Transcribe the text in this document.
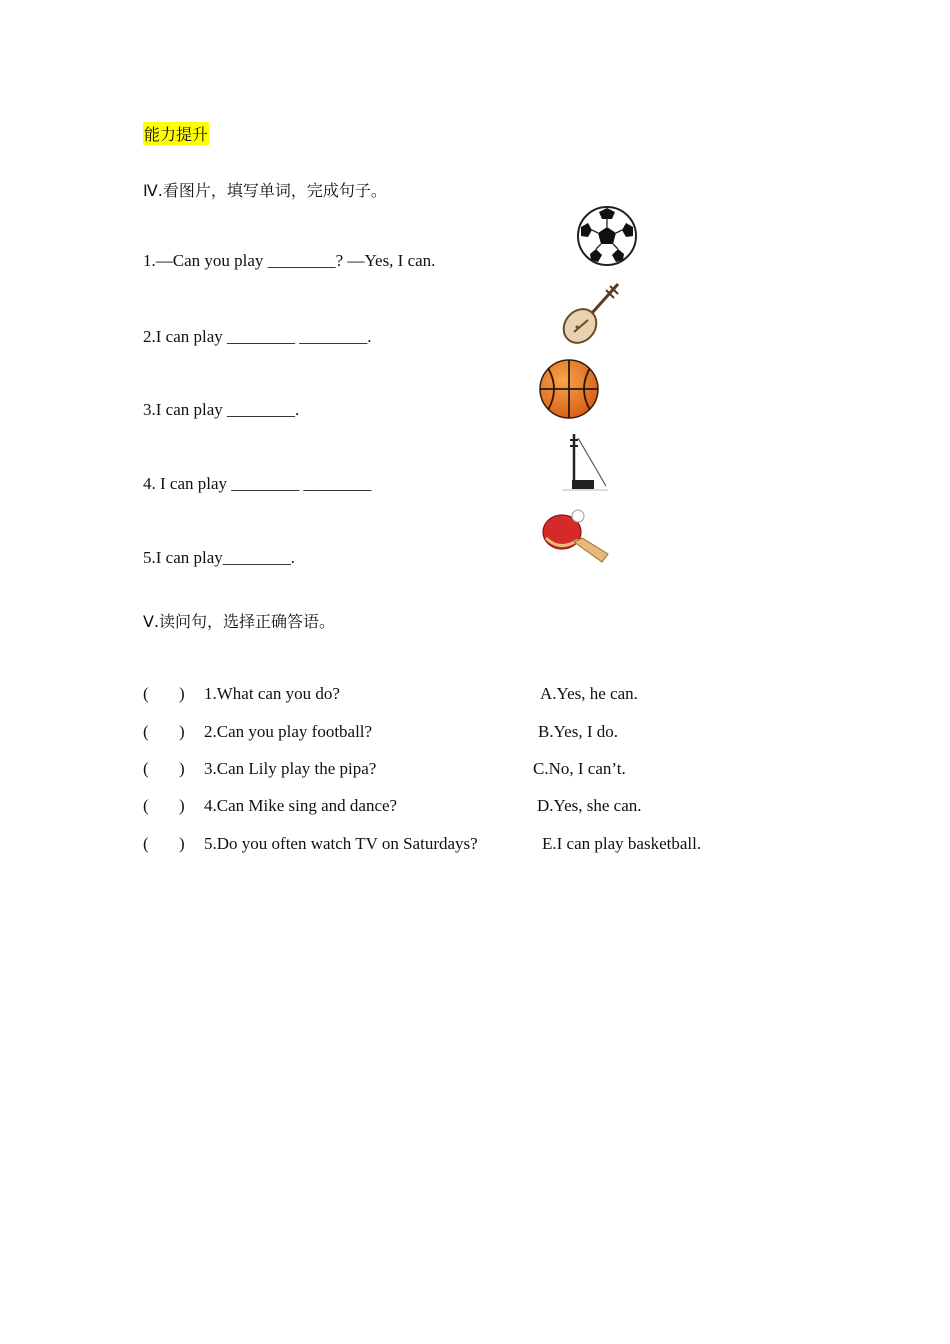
能力提升
Ⅳ.看图片，填写单词，完成句子。
1.—Can you play ________? —Yes, I can.
2.I can play ________ ________.
3.I can play ________.
4. I can play ________ ________
5.I can play________.
Ⅴ.读问句，选择正确答语。
( ) 1.What can you do?	A.Yes, he can.
( ) 2.Can you play football?	B.Yes, I do.
( ) 3.Can Lily play the pipa?	C.No, I can’t.
( ) 4.Can Mike sing and dance?	D.Yes, she can.
( ) 5.Do you often watch TV on Saturdays?	E.I can play basketball.
